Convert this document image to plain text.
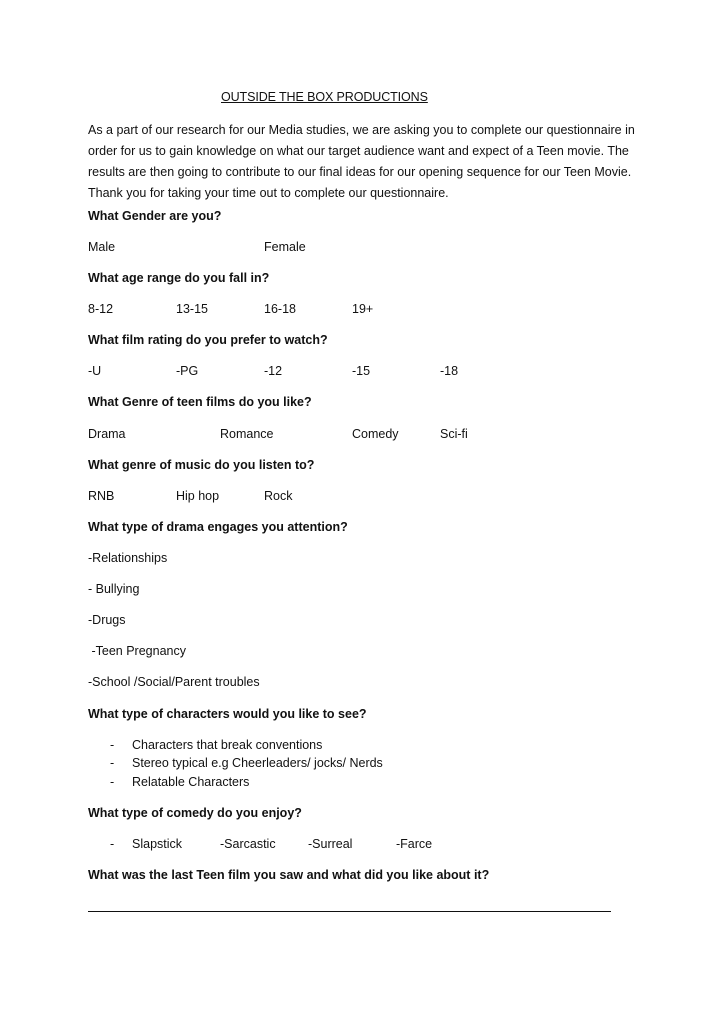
OUTSIDE THE BOX PRODUCTIONS
As a part of our research for our Media studies, we are asking you to complete our questionnaire in
order for us to gain knowledge on what our target audience want and expect of a Teen movie. The
results are then going to contribute to our final ideas for our opening sequence for our Teen Movie.
Thank you for taking your time out to complete our questionnaire.
What Gender are you?
Male	Female
What age range do you fall in?
8-12	13-15	16-18	19+
What film rating do you prefer to watch?
-U	-PG	-12	-15	-18
What Genre of teen films do you like?
Drama	Romance	Comedy	Sci-fi
What genre of music do you listen to?
RNB	Hip hop	Rock
What type of drama engages you attention?
-Relationships
- Bullying
-Drugs
-Teen Pregnancy
-School /Social/Parent troubles
What type of characters would you like to see?
- Characters that break conventions
- Stereo typical e.g Cheerleaders/ jocks/ Nerds
- Relatable Characters
What type of comedy do you enjoy?
- Slapstick	-Sarcastic	-Surreal	-Farce
What was the last Teen film you saw and what did you like about it?
